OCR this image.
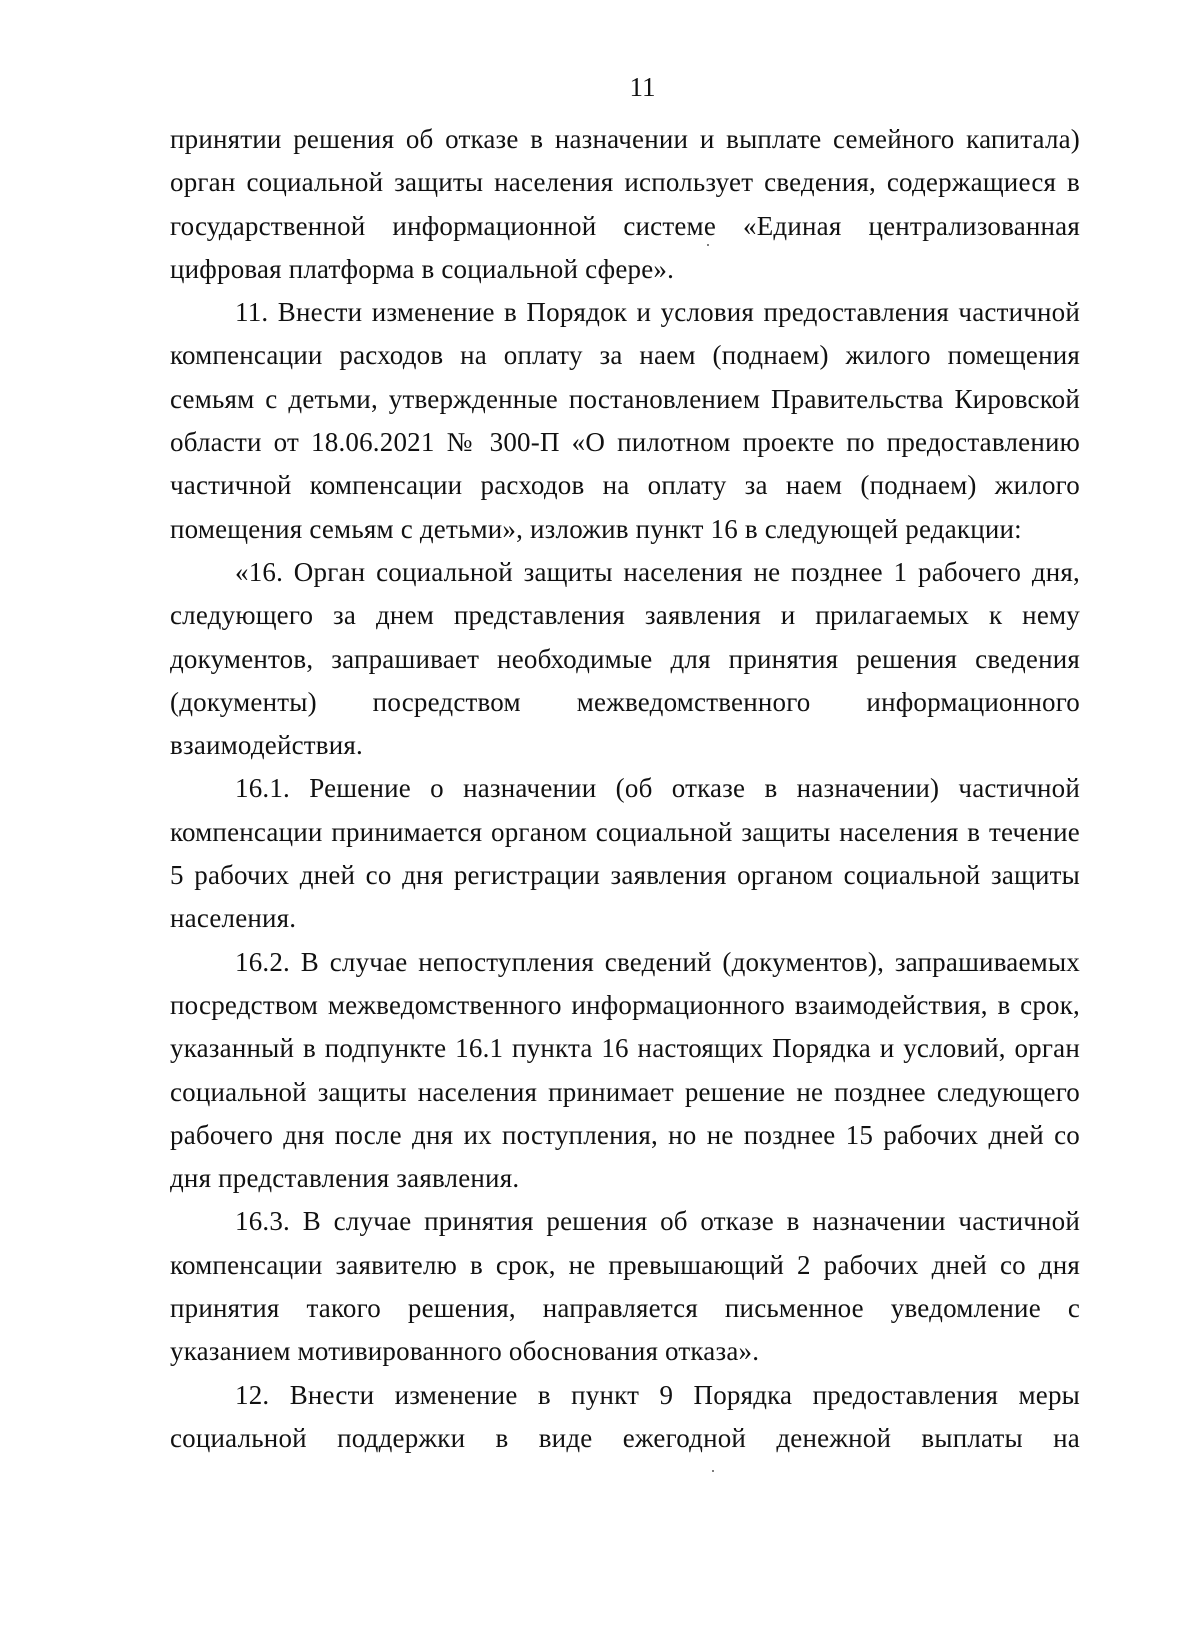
11

принятии решения об отказе в назначении и выплате семейного капитала) орган социальной защиты населения использует сведения, содержащиеся в государственной информационной системе «Единая централизованная цифровая платформа в социальной сфере».

11. Внести изменение в Порядок и условия предоставления частичной компенсации расходов на оплату за наем (поднаем) жилого помещения семьям с детьми, утвержденные постановлением Правительства Кировской области от 18.06.2021 № 300-П «О пилотном проекте по предоставлению частичной компенсации расходов на оплату за наем (поднаем) жилого помещения семьям с детьми», изложив пункт 16 в следующей редакции:

«16. Орган социальной защиты населения не позднее 1 рабочего дня, следующего за днем представления заявления и прилагаемых к нему документов, запрашивает необходимые для принятия решения сведения (документы) посредством межведомственного информационного взаимодействия.

16.1. Решение о назначении (об отказе в назначении) частичной компенсации принимается органом социальной защиты населения в течение 5 рабочих дней со дня регистрации заявления органом социальной защиты населения.

16.2. В случае непоступления сведений (документов), запрашиваемых посредством межведомственного информационного взаимодействия, в срок, указанный в подпункте 16.1 пункта 16 настоящих Порядка и условий, орган социальной защиты населения принимает решение не позднее следующего рабочего дня после дня их поступления, но не позднее 15 рабочих дней со дня представления заявления.

16.3. В случае принятия решения об отказе в назначении частичной компенсации заявителю в срок, не превышающий 2 рабочих дней со дня принятия такого решения, направляется письменное уведомление с указанием мотивированного обоснования отказа».

12. Внести изменение в пункт 9 Порядка предоставления меры социальной поддержки в виде ежегодной денежной выплаты на
